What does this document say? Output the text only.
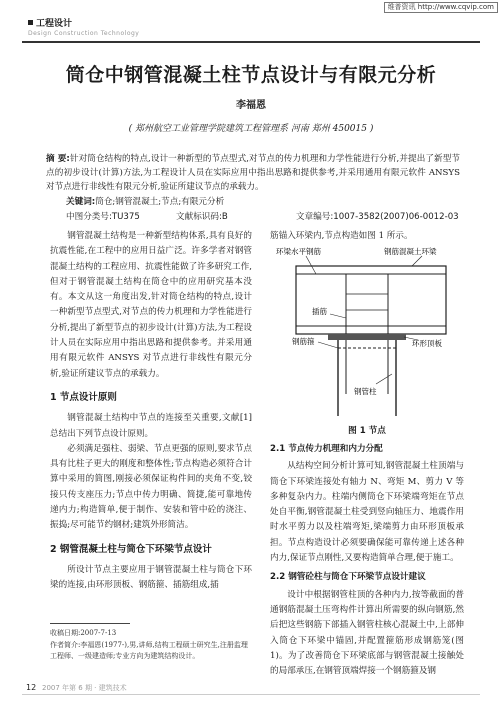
维普资讯 http://www.cqvip.com
工程设计
Design Construction Technology
筒仓中钢管混凝土柱节点设计与有限元分析
李福恩
( 郑州航空工业管理学院建筑工程管理系 河南 郑州 450015 )
摘 要:针对筒仓结构的特点,设计一种新型的节点型式,对节点的传力机理和力学性能进行分析,并提出了新型节点的初步设计(计算)方法,为工程设计人员在实际应用中指出思路和提供参考,并采用通用有限元软件 ANSYS 对节点进行非线性有限元分析,验证所建议节点的承载力。
关键词:筒仓;钢管混凝土;节点;有限元分析
中图分类号:TU375	文献标识码:B	文章编号:1007-3582(2007)06-0012-03

钢管混凝土结构是一种新型结构体系,具有良好的抗震性能,在工程中的应用日益广泛。许多学者对钢管混凝土结构的工程应用、抗震性能做了许多研究工作,但对于钢管混凝土结构在筒仓中的应用研究基本没有。本文从这一角度出发,针对筒仓结构的特点,设计一种新型节点型式,对节点的传力机理和力学性能进行分析,提出了新型节点的初步设计(计算)方法,为工程设计人员在实际应用中指出思路和提供参考。并采用通用有限元软件 ANSYS 对节点进行非线性有限元分析,验证所建议节点的承载力。

1 节点设计原则

钢管混凝土结构中节点的连接至关重要,文献[1]总结出下列节点设计原则。

必须满足强柱、弱梁、节点更强的原则,要求节点具有比柱子更大的刚度和整体性;节点构造必须符合计算中采用的简图,刚接必须保证构件间的夹角不变,铰接只传支座压力;节点中传力明确、简捷,能可靠地传递内力;构造简单,便于制作、安装和管中砼的浇注、振捣;尽可能节约钢材;建筑外形简洁。

2 钢管混凝土柱与筒仓下环梁节点设计

所设计节点主要应用于钢管混凝土柱与筒仓下环梁的连接,由环形顶板、钢筋箍、插筋组成,插

收稿日期:2007-7-13
作者简介:李福恩(1977-),男,讲师,结构工程硕士研究生,注册监理工程师、一级建造师;专业方向为建筑结构设计。

筋锚入环梁内,节点构造如图 1 所示。

环梁水平钢筋	钢筋混凝土环梁
插筋
钢筋箍	环形顶板
钢管柱
图 1 节点
2.1 节点传力机理和内力分配

从结构空间分析计算可知,钢管混凝土柱顶端与筒仓下环梁连接处有轴力 N、弯矩 M、剪力 V 等多种复杂内力。柱端内侧筒仓下环梁端弯矩在节点处自平衡,钢管混凝土柱受到竖向轴压力、地震作用时水平剪力以及柱端弯矩,梁端剪力由环形顶板承担。节点构造设计必须要确保能可靠传递上述各种内力,保证节点刚性,又要构造简单合理,便于施工。

2.2 钢管砼柱与筒仓下环梁节点设计建议

设计中根据钢管柱顶的各种内力,按等截面的普通钢筋混凝土压弯构件计算出所需要的纵向钢筋,然后把这些钢筋下部插入钢管柱核心混凝土中,上部伸入筒仓下环梁中锚固,并配置箍筋形成钢筋笼(图 1)。为了改善筒仓下环梁底部与钢管混凝土接触处的局部承压,在钢管顶端焊接一个钢筋箍及钢

12 2007 年第 6 期 · 建筑技术
